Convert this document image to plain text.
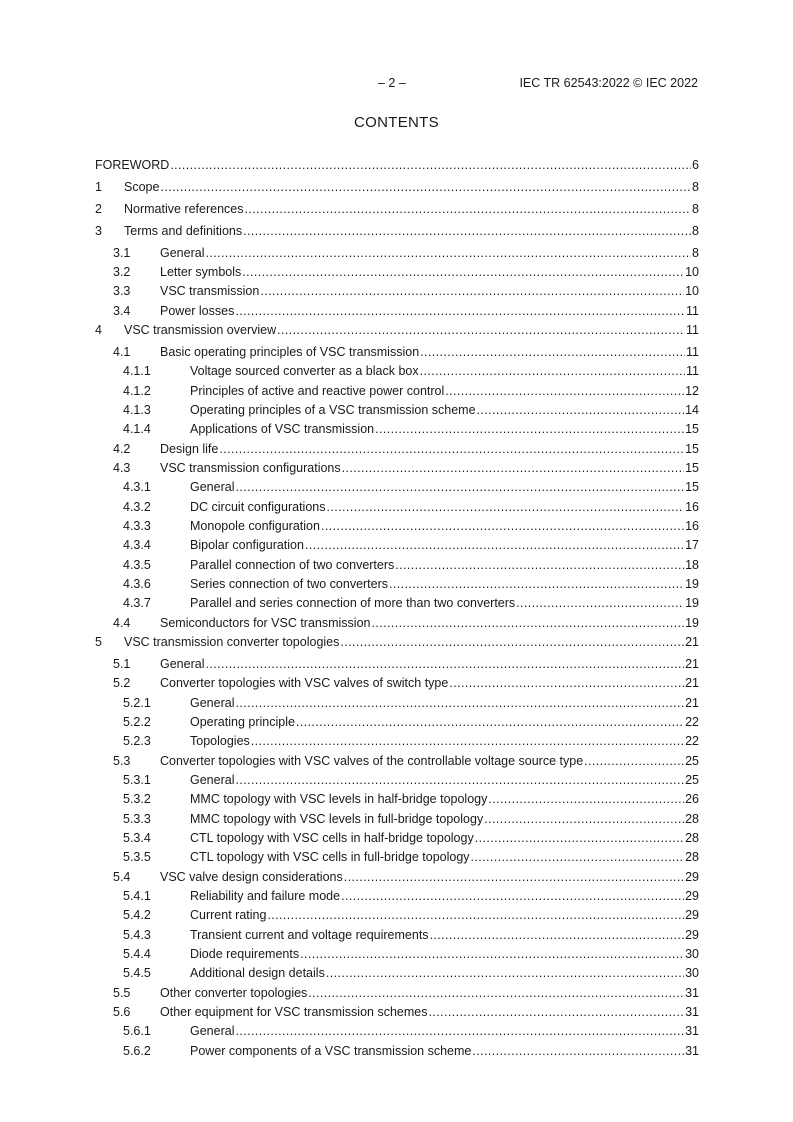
– 2 –	IEC TR 62543:2022 © IEC 2022
CONTENTS
FOREWORD .....	6
1	Scope .....	8
2	Normative references .....	8
3	Terms and definitions .....	8
3.1	General .....	8
3.2	Letter symbols .....	10
3.3	VSC transmission .....	10
3.4	Power losses .....	11
4	VSC transmission overview .....	11
4.1	Basic operating principles of VSC transmission .....	11
4.1.1	Voltage sourced converter as a black box .....	11
4.1.2	Principles of active and reactive power control .....	12
4.1.3	Operating principles of a VSC transmission scheme .....	14
4.1.4	Applications of VSC transmission .....	15
4.2	Design life .....	15
4.3	VSC transmission configurations .....	15
4.3.1	General .....	15
4.3.2	DC circuit configurations .....	16
4.3.3	Monopole configuration .....	16
4.3.4	Bipolar configuration .....	17
4.3.5	Parallel connection of two converters .....	18
4.3.6	Series connection of two converters .....	19
4.3.7	Parallel and series connection of more than two converters .....	19
4.4	Semiconductors for VSC transmission .....	19
5	VSC transmission converter topologies .....	21
5.1	General .....	21
5.2	Converter topologies with VSC valves of switch type .....	21
5.2.1	General .....	21
5.2.2	Operating principle .....	22
5.2.3	Topologies .....	22
5.3	Converter topologies with VSC valves of the controllable voltage source type .....	25
5.3.1	General .....	25
5.3.2	MMC topology with VSC levels in half-bridge topology .....	26
5.3.3	MMC topology with VSC levels in full-bridge topology .....	28
5.3.4	CTL topology with VSC cells in half-bridge topology .....	28
5.3.5	CTL topology with VSC cells in full-bridge topology .....	28
5.4	VSC valve design considerations .....	29
5.4.1	Reliability and failure mode .....	29
5.4.2	Current rating .....	29
5.4.3	Transient current and voltage requirements .....	29
5.4.4	Diode requirements .....	30
5.4.5	Additional design details .....	30
5.5	Other converter topologies .....	31
5.6	Other equipment for VSC transmission schemes .....	31
5.6.1	General .....	31
5.6.2	Power components of a VSC transmission scheme .....	31
